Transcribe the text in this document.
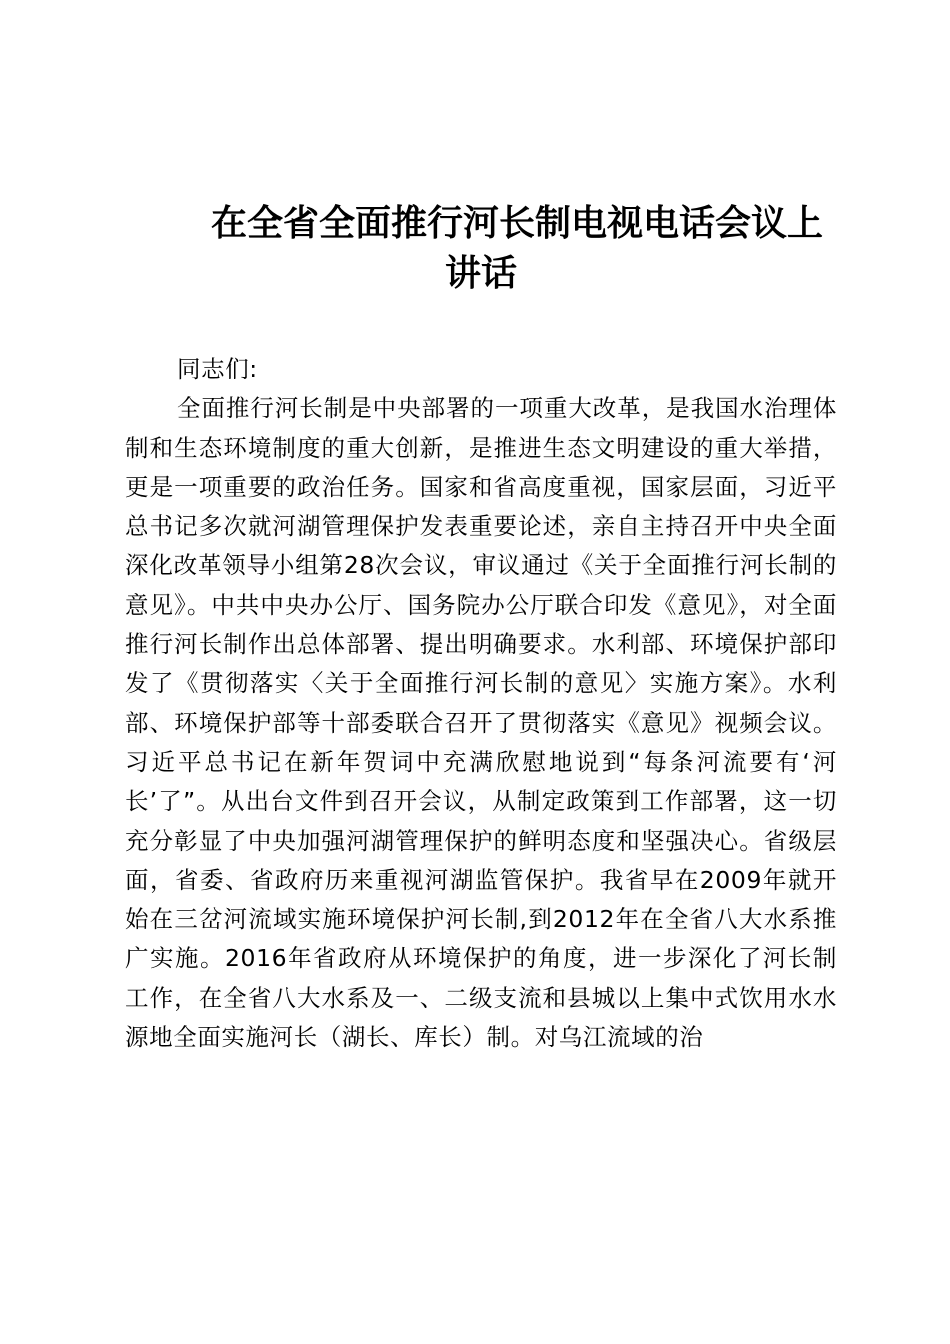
在全省全面推行河长制电视电话会议上讲话

同志们:

全面推行河长制是中央部署的一项重大改革，是我国水治理体制和生态环境制度的重大创新，是推进生态文明建设的重大举措，更是一项重要的政治任务。国家和省高度重视，国家层面，习近平总书记多次就河湖管理保护发表重要论述，亲自主持召开中央全面深化改革领导小组第28次会议，审议通过《关于全面推行河长制的意见》。中共中央办公厅、国务院办公厅联合印发《意见》，对全面推行河长制作出总体部署、提出明确要求。水利部、环境保护部印发了《贯彻落实〈关于全面推行河长制的意见〉实施方案》。水利部、环境保护部等十部委联合召开了贯彻落实《意见》视频会议。习近平总书记在新年贺词中充满欣慰地说到“每条河流要有‘河长’了”。从出台文件到召开会议，从制定政策到工作部署，这一切充分彰显了中央加强河湖管理保护的鲜明态度和坚强决心。省级层面，省委、省政府历来重视河湖监管保护。我省早在2009年就开始在三岔河流域实施环境保护河长制,到2012年在全省八大水系推广实施。2016年省政府从环境保护的角度，进一步深化了河长制工作，在全省八大水系及一、二级支流和县城以上集中式饮用水水源地全面实施河长（湖长、库长）制。对乌江流域的治
